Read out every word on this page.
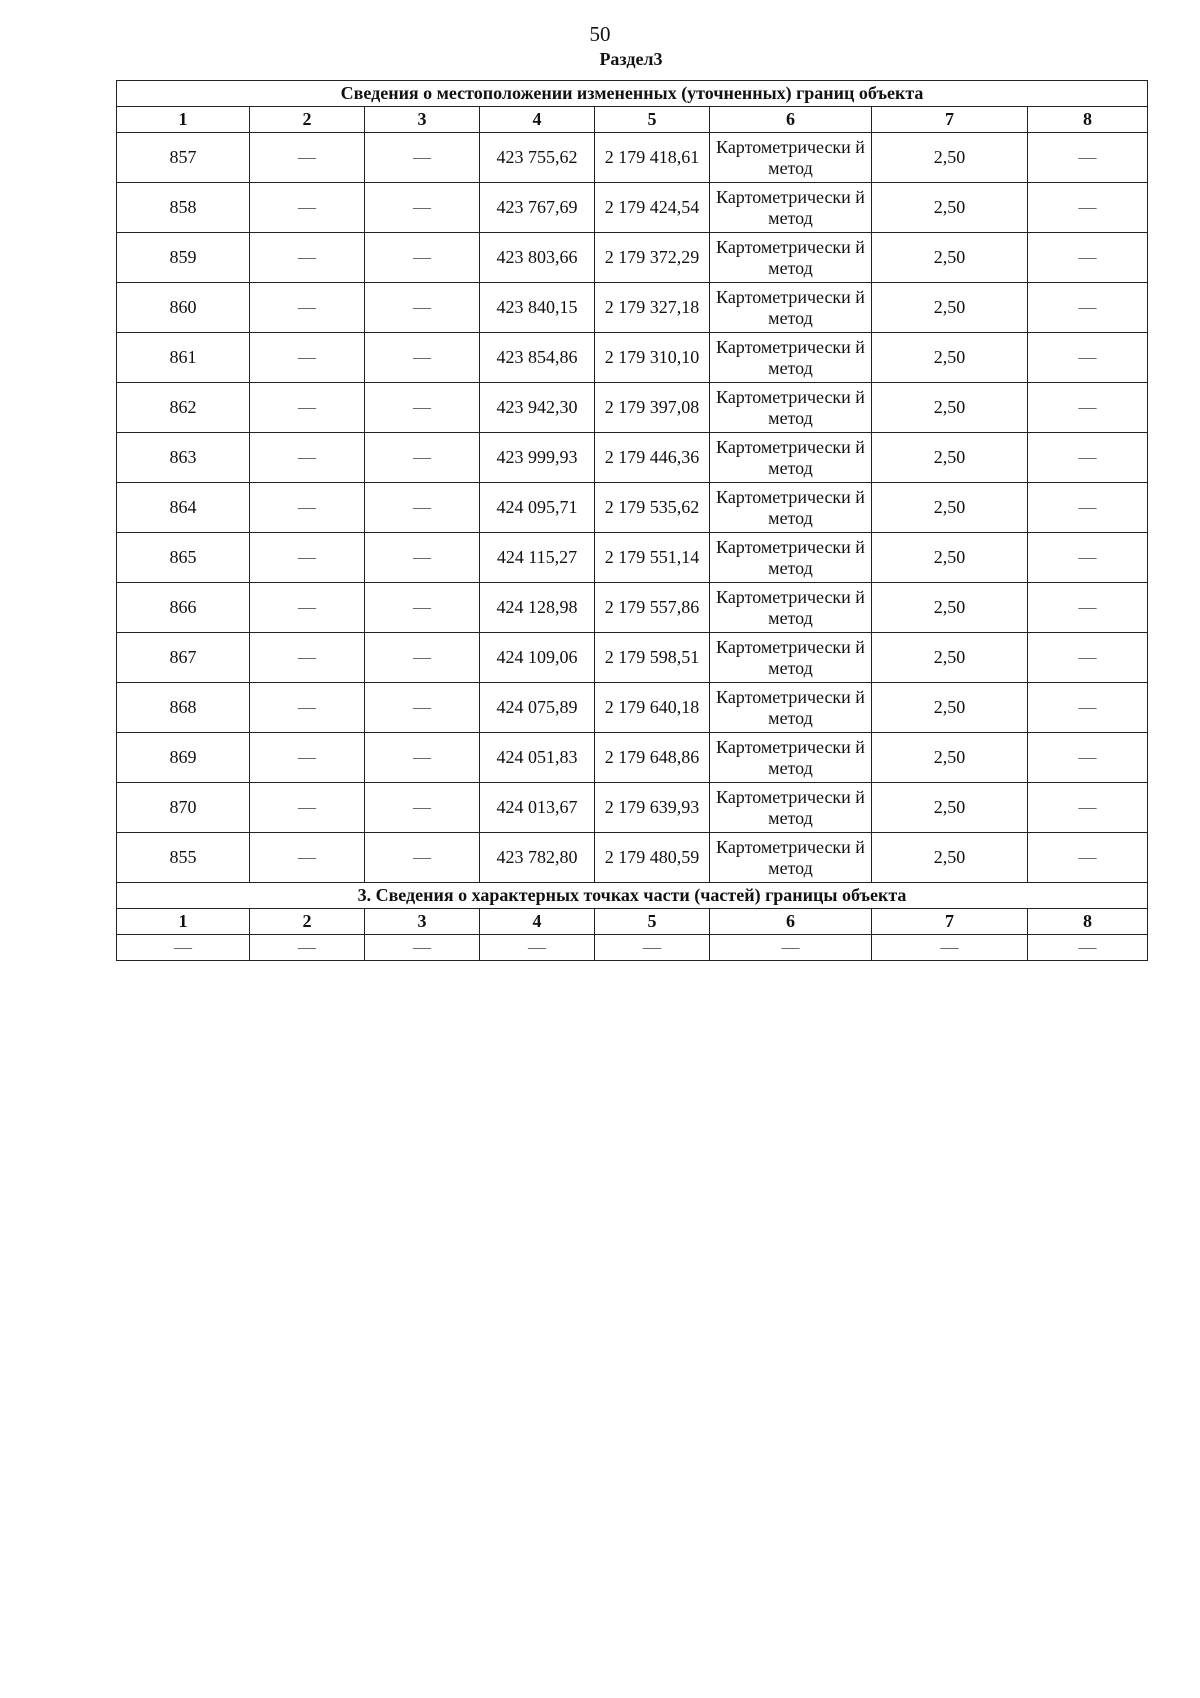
50
Раздел3
Сведения о местоположении измененных (уточненных) границ объекта							
1	2	3	4	5	6	7	8
857	—	—	423 755,62	2 179 418,61	Картометрически й метод	2,50	—
858	—	—	423 767,69	2 179 424,54	Картометрически й метод	2,50	—
859	—	—	423 803,66	2 179 372,29	Картометрически й метод	2,50	—
860	—	—	423 840,15	2 179 327,18	Картометрически й метод	2,50	—
861	—	—	423 854,86	2 179 310,10	Картометрически й метод	2,50	—
862	—	—	423 942,30	2 179 397,08	Картометрически й метод	2,50	—
863	—	—	423 999,93	2 179 446,36	Картометрически й метод	2,50	—
864	—	—	424 095,71	2 179 535,62	Картометрически й метод	2,50	—
865	—	—	424 115,27	2 179 551,14	Картометрически й метод	2,50	—
866	—	—	424 128,98	2 179 557,86	Картометрически й метод	2,50	—
867	—	—	424 109,06	2 179 598,51	Картометрически й метод	2,50	—
868	—	—	424 075,89	2 179 640,18	Картометрически й метод	2,50	—
869	—	—	424 051,83	2 179 648,86	Картометрически й метод	2,50	—
870	—	—	424 013,67	2 179 639,93	Картометрически й метод	2,50	—
855	—	—	423 782,80	2 179 480,59	Картометрически й метод	2,50	—
3. Сведения о характерных точках части (частей) границы объекта							
1	2	3	4	5	6	7	8
—	—	—	—	—	—	—	—
